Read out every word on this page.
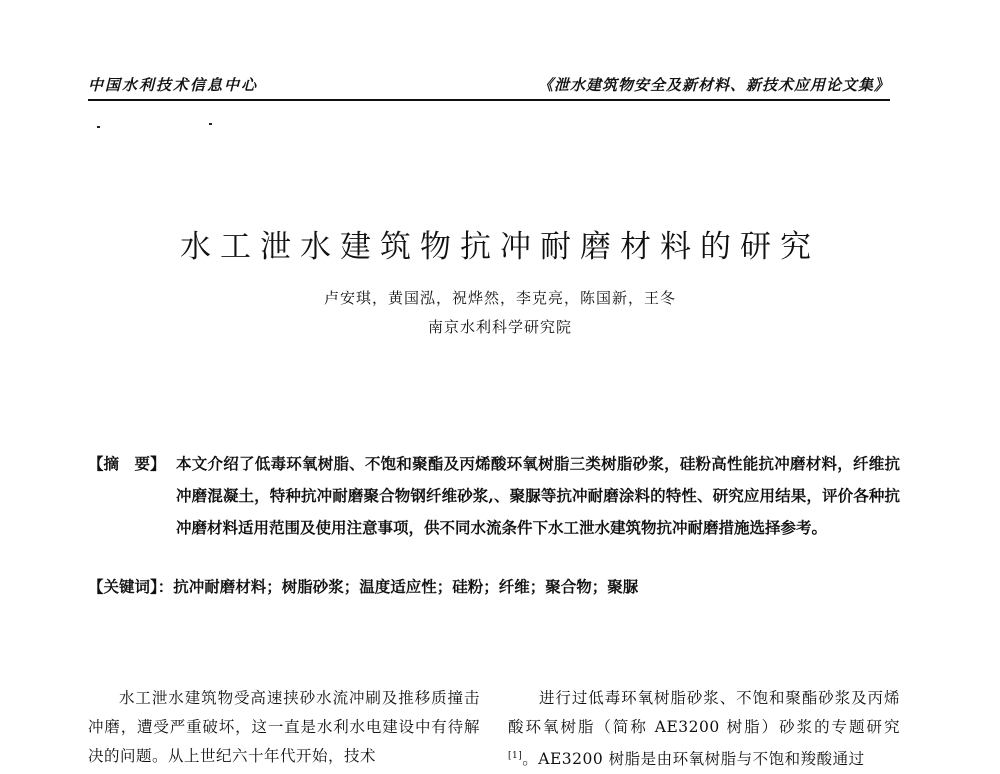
中国水利技术信息中心	《泄水建筑物安全及新材料、新技术应用论文集》
水工泄水建筑物抗冲耐磨材料的研究
卢安琪，黄国泓，祝烨然，李克亮，陈国新，王冬
南京水利科学研究院
【摘　要】 本文介绍了低毒环氧树脂、不饱和聚酯及丙烯酸环氧树脂三类树脂砂浆，硅粉高性能抗冲磨材料，纤维抗冲磨混凝土，特种抗冲耐磨聚合物钢纤维砂浆,、聚脲等抗冲耐磨涂料的特性、研究应用结果，评价各种抗冲磨材料适用范围及使用注意事项，供不同水流条件下水工泄水建筑物抗冲耐磨措施选择参考。
【关键词】：抗冲耐磨材料；树脂砂浆；温度适应性；硅粉；纤维；聚合物；聚脲

水工泄水建筑物受高速挟砂水流冲刷及推移质撞击冲磨，遭受严重破坏，这一直是水利水电建设中有待解决的问题。从上世纪六十年代开始，技术

进行过低毒环氧树脂砂浆、不饱和聚酯砂浆及丙烯酸环氧树脂（简称 AE3200 树脂）砂浆的专题研究[1]。AE3200 树脂是由环氧树脂与不饱和羧酸通过
